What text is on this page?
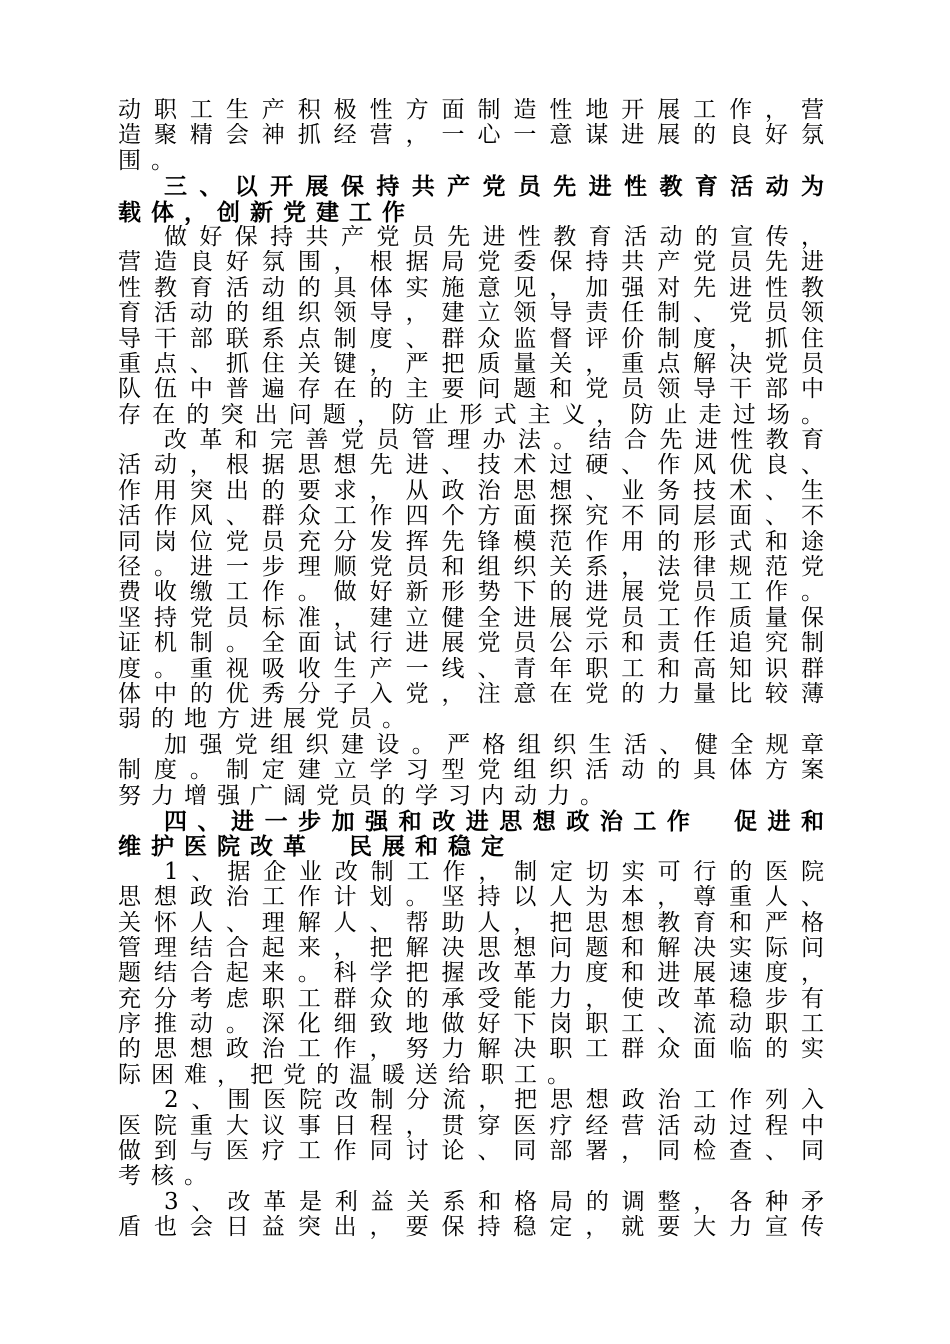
动职工生产积极性方面制造性地开展工作，营
造聚精会神抓经营，一心一意谋进展的良好氛
围。
三、以开展保持共产党员先进性教育活动为
载体，创新党建工作
做好保持共产党员先进性教育活动的宣传，
营造良好氛围，根据局党委保持共产党员先进
性教育活动的具体实施意见，加强对先进性教
育活动的组织领导，建立领导责任制、党员领
导干部联系点制度、群众监督评价制度，抓住
重点、抓住关键，严把质量关，重点解决党员
队伍中普遍存在的主要问题和党员领导干部中
存在的突出问题，防止形式主义，防止走过场。
改革和完善党员管理办法。结合先进性教育
活动，根据思想先进、技术过硬、作风优良、
作用突出的要求，从政治思想、业务技术、生
活作风、群众工作四个方面探究不同层面、不
同岗位党员充分发挥先锋模范作用的形式和途
径。进一步理顺党员和组织关系，法律规范党
费收缴工作。做好新形势下的进展党员工作。
坚持党员标准，建立健全进展党员工作质量保
证机制。全面试行进展党员公示和责任追究制
度。重视吸收生产一线、青年职工和高知识群
体中的优秀分子入党，注意在党的力量比较薄
弱的地方进展党员。
加强党组织建设。严格组织生活、健全规章
制度。制定建立学习型党组织活动的具体方案
努力增强广阔党员的学习内动力。
四、进一步加强和改进思想政治工作　促进和
维护医院改革　民展和稳定
1、据企业改制工作，制定切实可行的医院
思想政治工作计划。坚持以人为本，尊重人、
关怀人、理解人、帮助人，把思想教育和严格
管理结合起来，把解决思想问题和解决实际问
题结合起来。科学把握改革力度和进展速度，
充分考虑职工群众的承受能力，使改革稳步有
序推动。深化细致地做好下岗职工、流动职工
的思想政治工作，努力解决职工群众面临的实
际困难，把党的温暖送给职工。
2、围医院改制分流，把思想政治工作列入
医院重大议事日程，贯穿医疗经营活动过程中
做到与医疗工作同讨论、同部署，同检查、同
考核。
3、改革是利益关系和格局的调整，各种矛
盾也会日益突出，要保持稳定，就要大力宣传
